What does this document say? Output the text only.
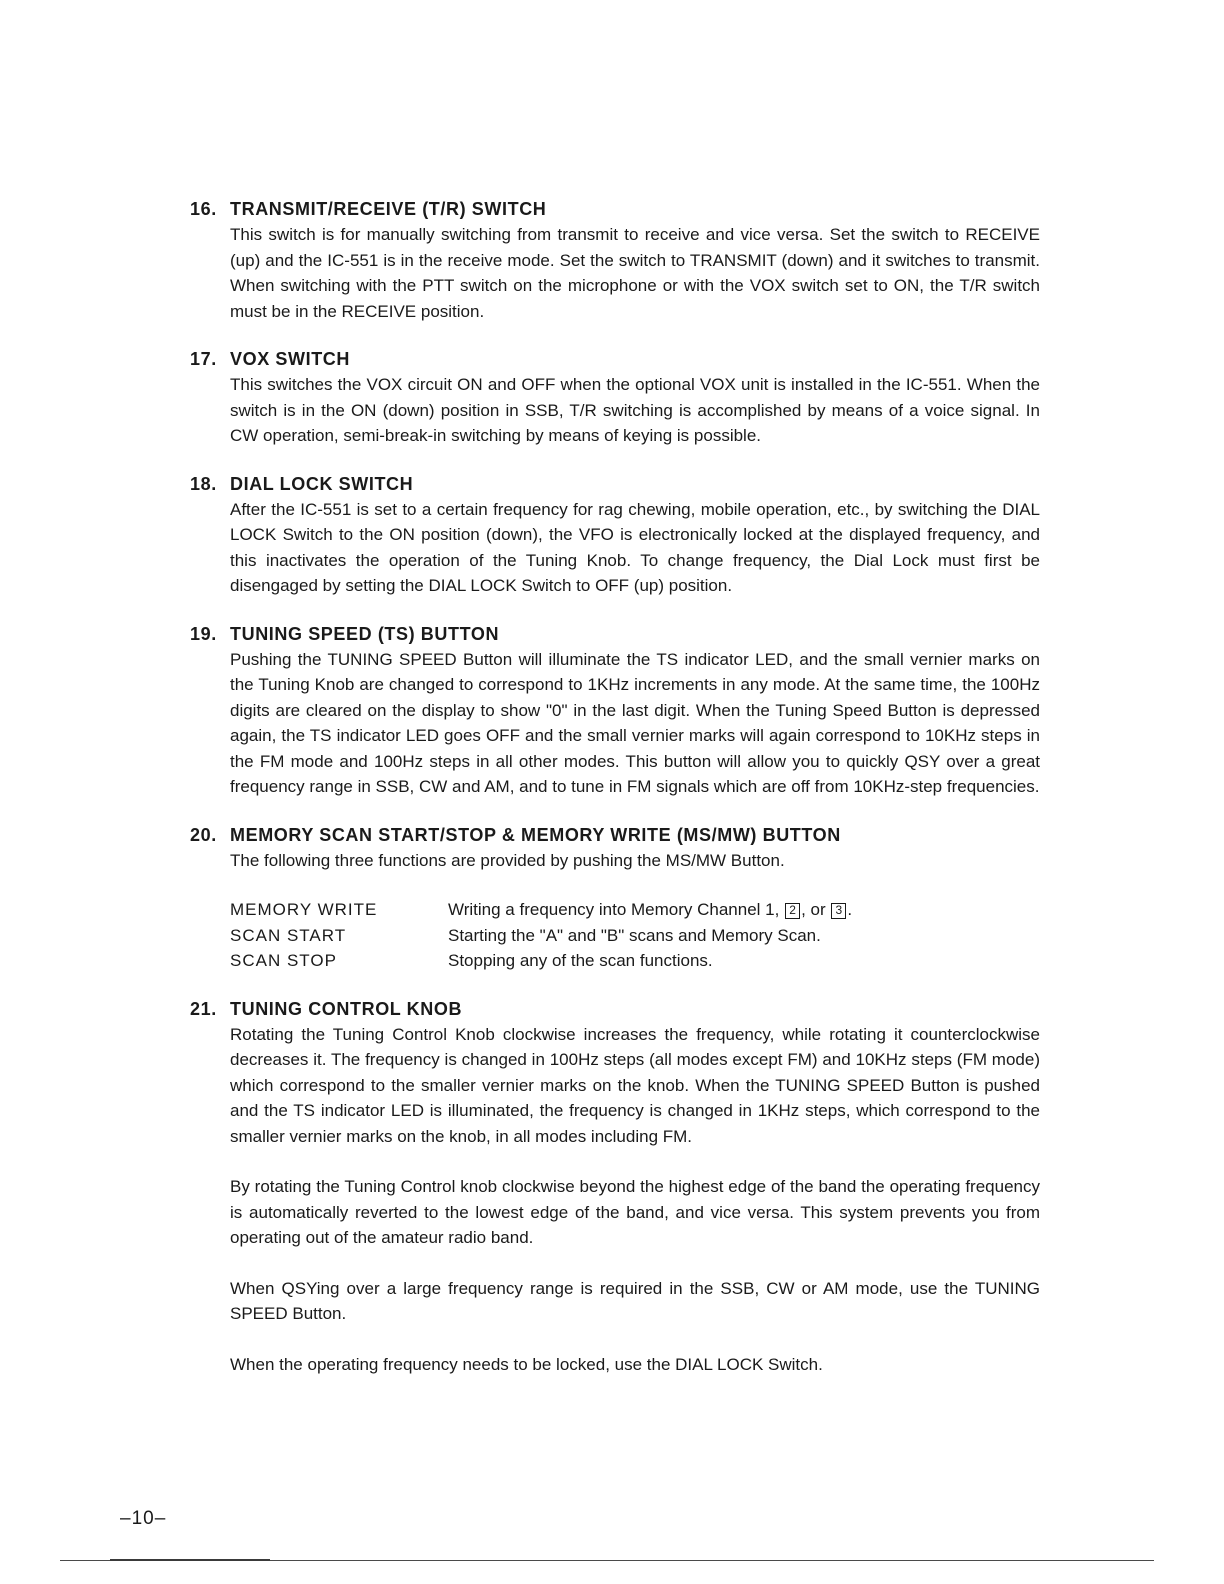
16. TRANSMIT/RECEIVE (T/R) SWITCH

This switch is for manually switching from transmit to receive and vice versa. Set the switch to RECEIVE (up) and the IC-551 is in the receive mode. Set the switch to TRANSMIT (down) and it switches to transmit. When switching with the PTT switch on the microphone or with the VOX switch set to ON, the T/R switch must be in the RECEIVE position.

17. VOX SWITCH

This switches the VOX circuit ON and OFF when the optional VOX unit is installed in the IC-551. When the switch is in the ON (down) position in SSB, T/R switching is accomplished by means of a voice signal. In CW operation, semi-break-in switching by means of keying is possible.

18. DIAL LOCK SWITCH

After the IC-551 is set to a certain frequency for rag chewing, mobile operation, etc., by switching the DIAL LOCK Switch to the ON position (down), the VFO is electronically locked at the displayed frequency, and this inactivates the operation of the Tuning Knob. To change frequency, the Dial Lock must first be disengaged by setting the DIAL LOCK Switch to OFF (up) position.

19. TUNING SPEED (TS) BUTTON

Pushing the TUNING SPEED Button will illuminate the TS indicator LED, and the small vernier marks on the Tuning Knob are changed to correspond to 1KHz increments in any mode. At the same time, the 100Hz digits are cleared on the display to show "0" in the last digit. When the Tuning Speed Button is depressed again, the TS indicator LED goes OFF and the small vernier marks will again correspond to 10KHz steps in the FM mode and 100Hz steps in all other modes. This button will allow you to quickly QSY over a great frequency range in SSB, CW and AM, and to tune in FM signals which are off from 10KHz-step frequencies.

20. MEMORY SCAN START/STOP & MEMORY WRITE (MS/MW) BUTTON

The following three functions are provided by pushing the MS/MW Button.

MEMORY WRITE	Writing a frequency into Memory Channel 1, 2 , or 3 .
SCAN START	Starting the "A" and "B" scans and Memory Scan.
SCAN STOP	Stopping any of the scan functions.
21. TUNING CONTROL KNOB

Rotating the Tuning Control Knob clockwise increases the frequency, while rotating it counterclockwise decreases it. The frequency is changed in 100Hz steps (all modes except FM) and 10KHz steps (FM mode) which correspond to the smaller vernier marks on the knob. When the TUNING SPEED Button is pushed and the TS indicator LED is illuminated, the frequency is changed in 1KHz steps, which correspond to the smaller vernier marks on the knob, in all modes including FM.

By rotating the Tuning Control knob clockwise beyond the highest edge of the band the operating frequency is automatically reverted to the lowest edge of the band, and vice versa. This system prevents you from operating out of the amateur radio band.

When QSYing over a large frequency range is required in the SSB, CW or AM mode, use the TUNING SPEED Button.

When the operating frequency needs to be locked, use the DIAL LOCK Switch.

–10–
